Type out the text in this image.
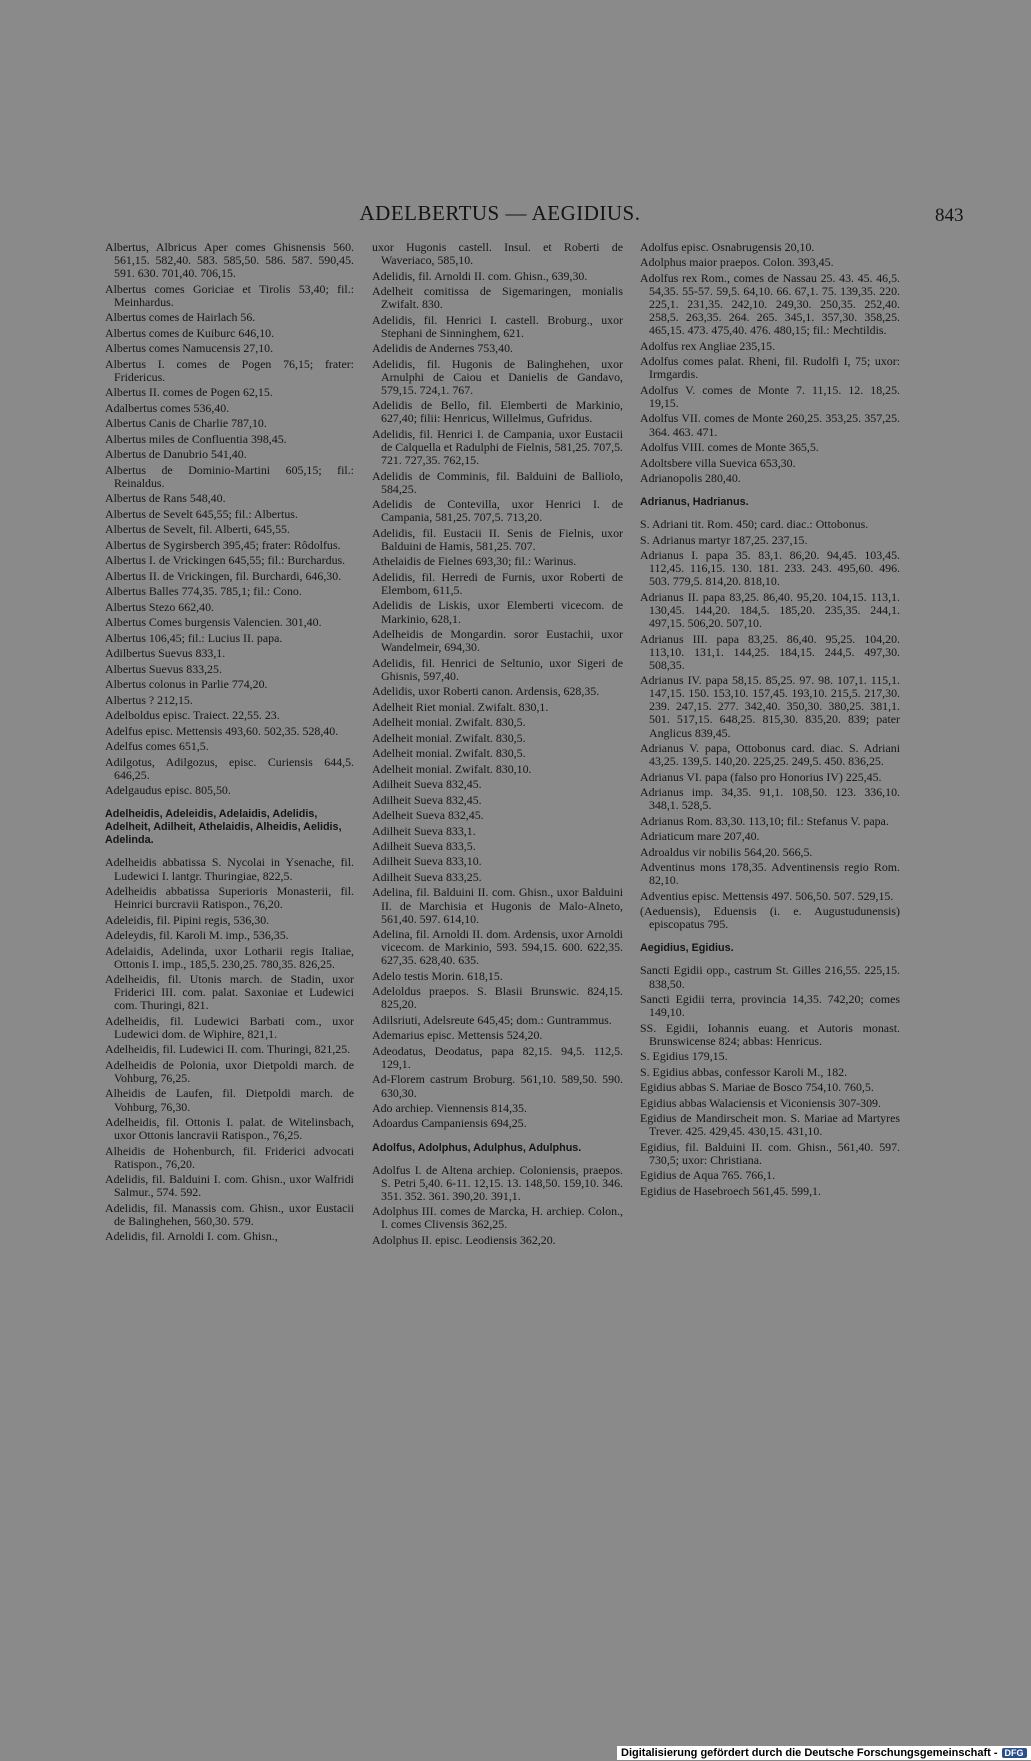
ADELBERTUS — AEGIDIUS.	843
Albertus, Albricus Aper comes Ghisnensis 560. 561,15. 582,40. 583. 585,50. 586. 587. 590,45. 591. 630. 701,40. 706,15.
Albertus comes Goriciae et Tirolis 53,40; fil.: Meinhardus.
Albertus comes de Hairlach 56.
Albertus comes de Kuiburc 646,10.
Albertus comes Namucensis 27,10.
Albertus I. comes de Pogen 76,15; frater: Fridericus.
Albertus II. comes de Pogen 62,15.
Adalbertus comes 536,40.
Albertus Canis de Charlie 787,10.
Albertus miles de Confluentia 398,45.
Albertus de Danubrio 541,40.
Albertus de Dominio-Martini 605,15; fil.: Reinaldus.
Albertus de Rans 548,40.
Albertus de Sevelt 645,55; fil.: Albertus.
Albertus de Sevelt, fil. Alberti, 645,55.
Albertus de Sygirsberch 395,45; frater: Rôdolfus.
Albertus I. de Vrickingen 645,55; fil.: Burchardus.
Albertus II. de Vrickingen, fil. Burchardi, 646,30.
Albertus Balles 774,35. 785,1; fil.: Cono.
Albertus Stezo 662,40.
Albertus Comes burgensis Valencien. 301,40.
Albertus 106,45; fil.: Lucius II. papa.
Adilbertus Suevus 833,1.
Albertus Suevus 833,25.
Albertus colonus in Parlie 774,20.
Albertus ? 212,15.
Adelboldus episc. Traiect. 22,55. 23.
Adelfus episc. Mettensis 493,60. 502,35. 528,40.
Adelfus comes 651,5.
Adilgotus, Adilgozus, episc. Curiensis 644,5. 646,25.
Adelgaudus episc. 805,50.
Adelheidis, Adeleidis, Adelaidis, Adelidis, Adelheit, Adilheit, Athelaidis, Alheidis, Aelidis, Adelinda.
Adelheidis abbatissa S. Nycolai in Ysenache, fil. Ludewici I. lantgr. Thuringiae, 822,5.
Adelheidis abbatissa Superioris Monasterii, fil. Heinrici burcravii Ratispon., 76,20.
Adeleidis, fil. Pipini regis, 536,30.
Adeleydis, fil. Karoli M. imp., 536,35.
Adelaidis, Adelinda, uxor Lotharii regis Italiae, Ottonis I. imp., 185,5. 230,25. 780,35. 826,25.
Adelheidis, fil. Utonis march. de Stadin, uxor Friderici III. com. palat. Saxoniae et Ludewici com. Thuringi, 821.
Adelheidis, fil. Ludewici Barbati com., uxor Ludewici dom. de Wiphire, 821,1.
Adelheidis, fil. Ludewici II. com. Thuringi, 821,25.
Adelheidis de Polonia, uxor Dietpoldi march. de Vohburg, 76,25.
Alheidis de Laufen, fil. Dietpoldi march. de Vohburg, 76,30.
Adelheidis, fil. Ottonis I. palat. de Witelinsbach, uxor Ottonis lancravii Ratispon., 76,25.
Alheidis de Hohenburch, fil. Friderici advocati Ratispon., 76,20.
Adelidis, fil. Balduini I. com. Ghisn., uxor Walfridi Salmur., 574. 592.
Adelidis, fil. Manassis com. Ghisn., uxor Eustacii de Balinghehen, 560,30. 579.
Adelidis, fil. Arnoldi I. com. Ghisn.,
uxor Hugonis castell. Insul. et Roberti de Waveriaco, 585,10.
Adelidis, fil. Arnoldi II. com. Ghisn., 639,30.
Adelheit comitissa de Sigemaringen, monialis Zwifalt. 830.
Adelidis, fil. Henrici I. castell. Broburg., uxor Stephani de Sinninghem, 621.
Adelidis de Andernes 753,40.
Adelidis, fil. Hugonis de Balinghehen, uxor Arnulphi de Caiou et Danielis de Gandavo, 579,15. 724,1. 767.
Adelidis de Bello, fil. Elemberti de Markinio, 627,40; filii: Henricus, Willelmus, Gufridus.
Adelidis, fil. Henrici I. de Campania, uxor Eustacii de Calquella et Radulphi de Fielnis, 581,25. 707,5. 721. 727,35. 762,15.
Adelidis de Comminis, fil. Balduini de Balliolo, 584,25.
Adelidis de Contevilla, uxor Henrici I. de Campania, 581,25. 707,5. 713,20.
Adelidis, fil. Eustacii II. Senis de Fielnis, uxor Balduini de Hamis, 581,25. 707.
Athelaidis de Fielnes 693,30; fil.: Warinus.
Adelidis, fil. Herredi de Furnis, uxor Roberti de Elembom, 611,5.
Adelidis de Liskis, uxor Elemberti vicecom. de Markinio, 628,1.
Adelheidis de Mongardin. soror Eustachii, uxor Wandelmeir, 694,30.
Adelidis, fil. Henrici de Seltunio, uxor Sigeri de Ghisnis, 597,40.
Adelidis, uxor Roberti canon. Ardensis, 628,35.
Adelheit Riet monial. Zwifalt. 830,1.
Adelheit monial. Zwifalt. 830,5.
Adelheit monial. Zwifalt. 830,5.
Adelheit monial. Zwifalt. 830,5.
Adelheit monial. Zwifalt. 830,10.
Adilheit Sueva 832,45.
Adilheit Sueva 832,45.
Adelheit Sueva 832,45.
Adilheit Sueva 833,1.
Adilheit Sueva 833,5.
Adilheit Sueva 833,10.
Adilheit Sueva 833,25.
Adelina, fil. Balduini II. com. Ghisn., uxor Balduini II. de Marchisia et Hugonis de Malo-Alneto, 561,40. 597. 614,10.
Adelina, fil. Arnoldi II. dom. Ardensis, uxor Arnoldi vicecom. de Markinio, 593. 594,15. 600. 622,35. 627,35. 628,40. 635.
Adelo testis Morin. 618,15.
Adeloldus praepos. S. Blasii Brunswic. 824,15. 825,20.
Adilsriuti, Adelsreute 645,45; dom.: Guntrammus.
Ademarius episc. Mettensis 524,20.
Adeodatus, Deodatus, papa 82,15. 94,5. 112,5. 129,1.
Ad-Florem castrum Broburg. 561,10. 589,50. 590. 630,30.
Ado archiep. Viennensis 814,35.
Adoardus Campaniensis 694,25.
Adolfus, Adolphus, Adulphus, Adulphus.
Adolfus I. de Altena archiep. Coloniensis, praepos. S. Petri 5,40. 6-11. 12,15. 13. 148,50. 159,10. 346. 351. 352. 361. 390,20. 391,1.
Adolphus III. comes de Marcka, H. archiep. Colon., I. comes Clivensis 362,25.
Adolphus II. episc. Leodiensis 362,20.
Adolfus episc. Osnabrugensis 20,10.
Adolphus maior praepos. Colon. 393,45.
Adolfus rex Rom., comes de Nassau 25. 43. 45. 46,5. 54,35. 55-57. 59,5. 64,10. 66. 67,1. 75. 139,35. 220. 225,1. 231,35. 242,10. 249,30. 250,35. 252,40. 258,5. 263,35. 264. 265. 345,1. 357,30. 358,25. 465,15. 473. 475,40. 476. 480,15; fil.: Mechtildis.
Adolfus rex Angliae 235,15.
Adolfus comes palat. Rheni, fil. Rudolfi I, 75; uxor: Irmgardis.
Adolfus V. comes de Monte 7. 11,15. 12. 18,25. 19,15.
Adolfus VII. comes de Monte 260,25. 353,25. 357,25. 364. 463. 471.
Adolfus VIII. comes de Monte 365,5.
Adoltsbere villa Suevica 653,30.
Adrianopolis 280,40.
Adrianus, Hadrianus.
S. Adriani tit. Rom. 450; card. diac.: Ottobonus.
S. Adrianus martyr 187,25. 237,15.
Adrianus I. papa 35. 83,1. 86,20. 94,45. 103,45. 112,45. 116,15. 130. 181. 233. 243. 495,60. 496. 503. 779,5. 814,20. 818,10.
Adrianus II. papa 83,25. 86,40. 95,20. 104,15. 113,1. 130,45. 144,20. 184,5. 185,20. 235,35. 244,1. 497,15. 506,20. 507,10.
Adrianus III. papa 83,25. 86,40. 95,25. 104,20. 113,10. 131,1. 144,25. 184,15. 244,5. 497,30. 508,35.
Adrianus IV. papa 58,15. 85,25. 97. 98. 107,1. 115,1. 147,15. 150. 153,10. 157,45. 193,10. 215,5. 217,30. 239. 247,15. 277. 342,40. 350,30. 380,25. 381,1. 501. 517,15. 648,25. 815,30. 835,20. 839; pater Anglicus 839,45.
Adrianus V. papa, Ottobonus card. diac. S. Adriani 43,25. 139,5. 140,20. 225,25. 249,5. 450. 836,25.
Adrianus VI. papa (falso pro Honorius IV) 225,45.
Adrianus imp. 34,35. 91,1. 108,50. 123. 336,10. 348,1. 528,5.
Adrianus Rom. 83,30. 113,10; fil.: Stefanus V. papa.
Adriaticum mare 207,40.
Adroaldus vir nobilis 564,20. 566,5.
Adventinus mons 178,35. Adventinensis regio Rom. 82,10.
Adventius episc. Mettensis 497. 506,50. 507. 529,15.
(Aeduensis), Eduensis (i. e. Augustudunensis) episcopatus 795.
Aegidius, Egidius.
Sancti Egidii opp., castrum St. Gilles 216,55. 225,15. 838,50.
Sancti Egidii terra, provincia 14,35. 742,20; comes 149,10.
SS. Egidii, Iohannis euang. et Autoris monast. Brunswicense 824; abbas: Henricus.
S. Egidius 179,15.
S. Egidius abbas, confessor Karoli M., 182.
Egidius abbas S. Mariae de Bosco 754,10. 760,5.
Egidius abbas Walaciensis et Viconiensis 307-309.
Egidius de Mandirscheit mon. S. Mariae ad Martyres Trever. 425. 429,45. 430,15. 431,10.
Egidius, fil. Balduini II. com. Ghisn., 561,40. 597. 730,5; uxor: Christiana.
Egidius de Aqua 765. 766,1.
Egidius de Hasebroech 561,45. 599,1.
Digitalisierung gefördert durch die Deutsche Forschungsgemeinschaft - DFG
